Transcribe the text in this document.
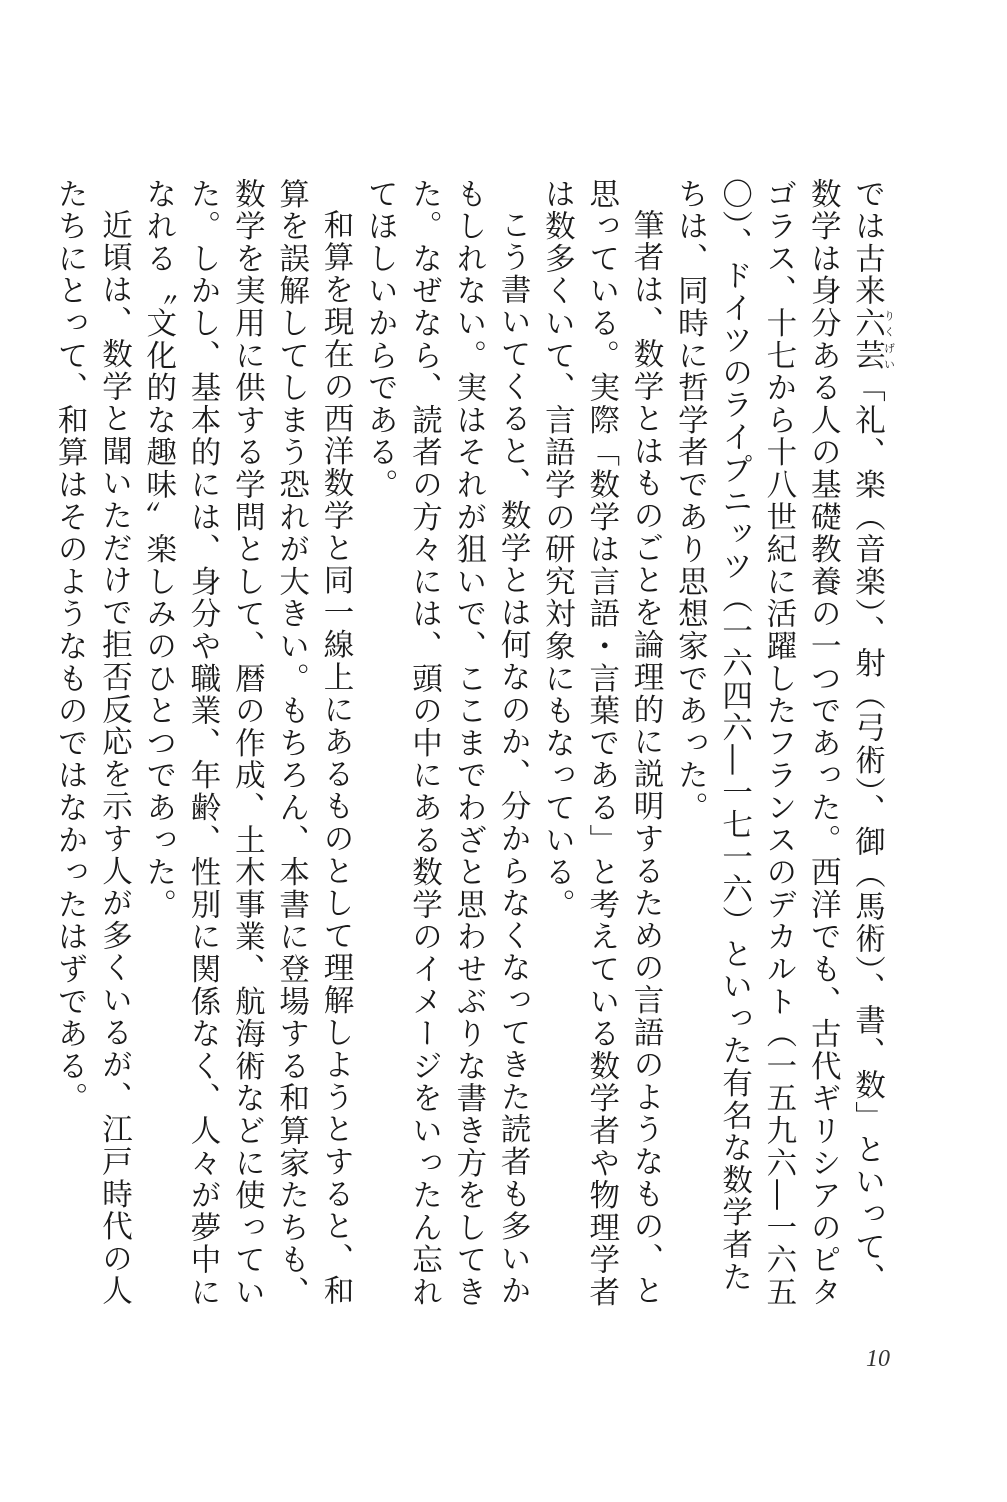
では古来六芸りくげい「礼、楽（音楽）、射（弓術）、御（馬術）、書、数」といって、数学は身分ある人の基礎教養の一つであった。西洋でも、古代ギリシアのピタゴラス、十七から十八世紀に活躍したフランスのデカルト（一五九六―一六五〇）、ドイツのライプニッツ（一六四六―一七一六）といった有名な数学者たちは、同時に哲学者であり思想家であった。

筆者は、数学とはものごとを論理的に説明するための言語のようなもの、と思っている。実際「数学は言語・言葉である」と考えている数学者や物理学者は数多くいて、言語学の研究対象にもなっている。

こう書いてくると、数学とは何なのか、分からなくなってきた読者も多いかもしれない。実はそれが狙いで、ここまでわざと思わせぶりな書き方をしてきた。なぜなら、読者の方々には、頭の中にある数学のイメージをいったん忘れてほしいからである。

和算を現在の西洋数学と同一線上にあるものとして理解しようとすると、和算を誤解してしまう恐れが大きい。もちろん、本書に登場する和算家たちも、数学を実用に供する学問として、暦の作成、土木事業、航海術などに使っていた。しかし、基本的には、身分や職業、年齢、性別に関係なく、人々が夢中になれる〝文化的な趣味〟楽しみのひとつであった。

近頃は、数学と聞いただけで拒否反応を示す人が多くいるが、江戸時代の人たちにとって、和算はそのようなものではなかったはずである。

10
